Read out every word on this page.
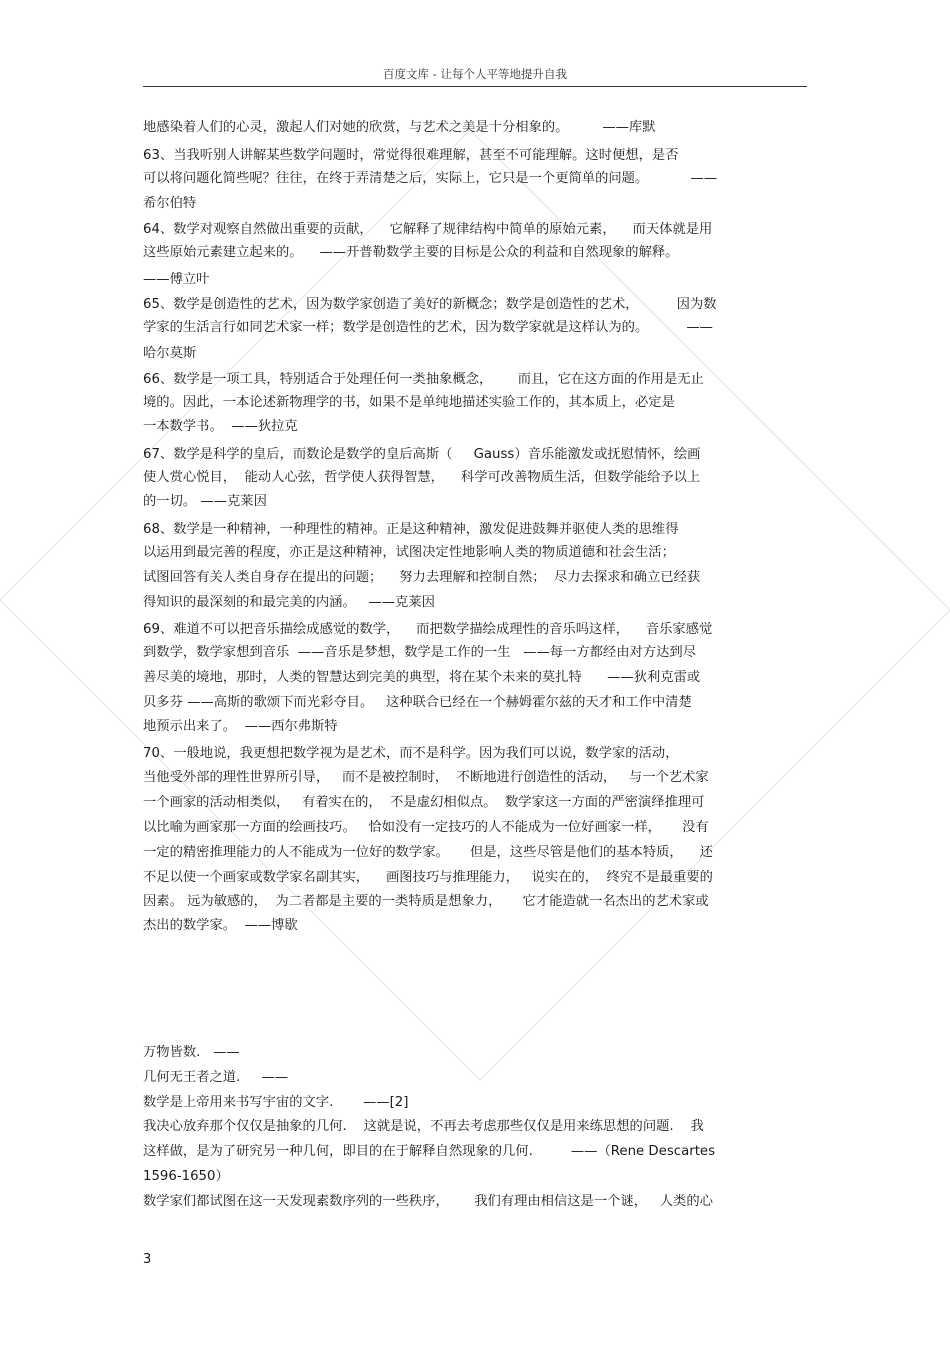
百度文库 - 让每个人平等地提升自我

地感染着人们的心灵，激起人们对她的欣赏，与艺术之美是十分相象的。        ——库默

63、当我听别人讲解某些数学问题时，常觉得很难理解，甚至不可能理解。这时便想，是否

可以将问题化简些呢？往往，在终于弄清楚之后，实际上，它只是一个更简单的问题。          ——

希尔伯特

64、数学对观察自然做出重要的贡献，    它解释了规律结构中简单的原始元素，    而天体就是用

这些原始元素建立起来的。    ——开普勒数学主要的目标是公众的利益和自然现象的解释。

——傅立叶

65、数学是创造性的艺术，因为数学家创造了美好的新概念；数学是创造性的艺术，         因为数

学家的生活言行如同艺术家一样；数学是创造性的艺术，因为数学家就是这样认为的。         ——

哈尔莫斯

66、数学是一项工具，特别适合于处理任何一类抽象概念，      而且，它在这方面的作用是无止

境的。因此，一本论述新物理学的书，如果不是单纯地描述实验工作的，其本质上，必定是

一本数学书。  ——狄拉克

67、数学是科学的皇后，而数论是数学的皇后高斯（     Gauss）音乐能激发或抚慰情怀，绘画

使人赏心悦目，  能动人心弦，哲学使人获得智慧，    科学可改善物质生活，但数学能给予以上

的一切。 ——克莱因

68、数学是一种精神，一种理性的精神。正是这种精神，激发促进鼓舞并驱使人类的思维得

以运用到最完善的程度，亦正是这种精神，试图决定性地影响人类的物质道德和社会生活；

试图回答有关人类自身存在提出的问题；    努力去理解和控制自然；  尽力去探求和确立已经获

得知识的最深刻的和最完美的内涵。   ——克莱因

69、难道不可以把音乐描绘成感觉的数学，    而把数学描绘成理性的音乐吗这样，    音乐家感觉

到数学，数学家想到音乐  ——音乐是梦想，数学是工作的一生   ——每一方都经由对方达到尽

善尽美的境地，那时，人类的智慧达到完美的典型，将在某个未来的莫扎特      ——狄利克雷或

贝多芬 ——高斯的歌颂下而光彩夺目。   这种联合已经在一个赫姆霍尔兹的天才和工作中清楚

地预示出来了。  ——西尔弗斯特

70、一般地说，我更想把数学视为是艺术，而不是科学。因为我们可以说，数学家的活动，

当他受外部的理性世界所引导，   而不是被控制时，  不断地进行创造性的活动，   与一个艺术家

一个画家的活动相类似，   有着实在的，  不是虚幻相似点。  数学家这一方面的严密演绎推理可

以比喻为画家那一方面的绘画技巧。   恰如没有一定技巧的人不能成为一位好画家一样，     没有

一定的精密推理能力的人不能成为一位好的数学家。     但是，这些尽管是他们的基本特质，    还

不足以使一个画家或数学家名副其实，    画图技巧与推理能力，   说实在的，  终究不是最重要的

因素。 远为敏感的，  为二者都是主要的一类特质是想象力，     它才能造就一名杰出的艺术家或

杰出的数学家。  ——博歇

万物皆数.   ——

几何无王者之道.     ——

数学是上帝用来书写宇宙的文字.       ——[2]

我决心放弃那个仅仅是抽象的几何.    这就是说，不再去考虑那些仅仅是用来练思想的问题.    我

这样做，是为了研究另一种几何，即目的在于解释自然现象的几何.         ——（Rene Descartes

1596-1650）

数学家们都试图在这一天发现素数序列的一些秩序，      我们有理由相信这是一个谜，   人类的心

3
